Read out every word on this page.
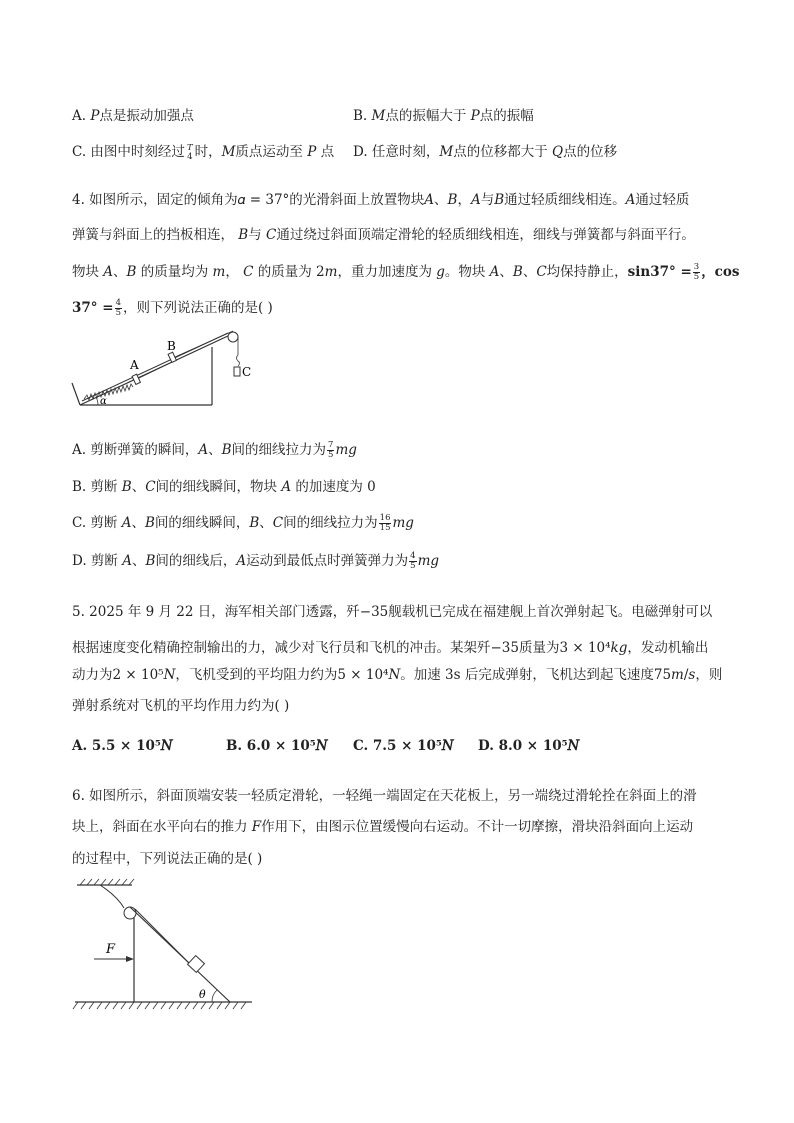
A. 𝑃点是振动加强点	B. 𝑀点的振幅大于 𝑃点的振幅
C. 由图中时刻经过 T
4 时，𝑀质点运动至 𝑃 点 D. 任意时刻，𝑀点的位移都大于 𝑄点的位移
4. 如图所示，固定的倾角为𝛼 = 37°的光滑斜面上放置物块𝐴、𝐵，𝐴与𝐵通过轻质细线相连。𝐴通过轻质
弹簧与斜面上的挡板相连， 𝐵与 𝐶通过绕过斜面顶端定滑轮的轻质细线相连，细线与弹簧都与斜面平行。
物块 𝐴、𝐵 的质量均为 𝑚， 𝐶 的质量为 2𝑚，重力加速度为 𝑔。物块 𝐴、𝐵、𝐶均保持静止，$\sin 37^\circ = \frac{3}{5}$ ，cos
$37^\circ = \frac{4}{5}$ ，则下列说法正确的是( )
A
B
C
α
A. 剪断弹簧的瞬间，𝐴、𝐵间的细线拉力为 $\frac{7}{5}$ 𝑚𝑔
B. 剪断 𝐵、𝐶间的细线瞬间，物块 𝐴 的加速度为 0
C. 剪断 𝐴、𝐵间的细线瞬间，𝐵、𝐶间的细线拉力为 $\frac{16}{15}$ 𝑚𝑔
D. 剪断 𝐴、𝐵间的细线后，𝐴运动到最低点时弹簧弹力为 $\frac{4}{5}$ 𝑚𝑔
5. 2025 年 9 月 22 日，海军相关部门透露，歼−35舰载机已完成在福建舰上首次弹射起飞。电磁弹射可以
根据速度变化精确控制输出的力，减少对飞行员和飞机的冲击。某架歼−35质量为3 × 10⁴𝑘𝑔，发动机输出
动力为2 × 10⁵𝑁，飞机受到的平均阻力约为5 × 10⁴𝑁。加速 3s 后完成弹射，飞机达到起飞速度75𝑚/𝑠，则
弹射系统对飞机的平均作用力约为( )
A. 5.5 × 10⁵𝑁	B. 6.0 × 10⁵𝑁 C. 7.5 × 10⁵𝑁 D. 8.0 × 10⁵𝑁
6. 如图所示，斜面顶端安装一轻质定滑轮，一轻绳一端固定在天花板上，另一端绕过滑轮拴在斜面上的滑
块上，斜面在水平向右的推力 𝐹作用下，由图示位置缓慢向右运动。不计一切摩擦，滑块沿斜面向上运动
的过程中，下列说法正确的是( )
F
θ
